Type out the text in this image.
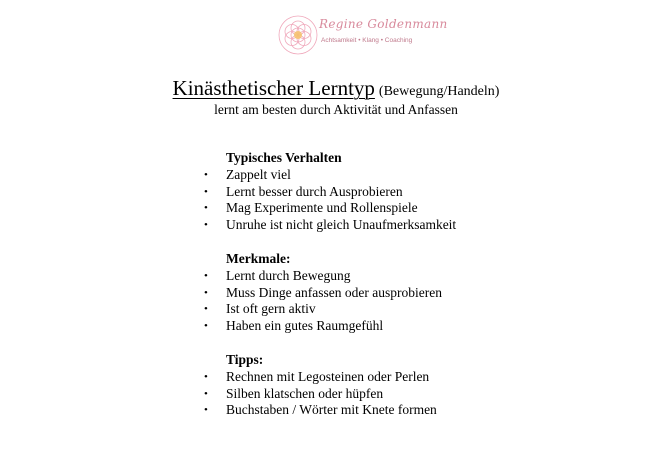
Regine Goldenmann
Achtsamkeit • Klang • Coaching
Kinästhetischer Lerntyp (Bewegung/Handeln)
lernt am besten durch Aktivität und Anfassen
Typisches Verhalten
• Zappelt viel
• Lernt besser durch Ausprobieren
• Mag Experimente und Rollenspiele
• Unruhe ist nicht gleich Unaufmerksamkeit
Merkmale:
• Lernt durch Bewegung
• Muss Dinge anfassen oder ausprobieren
• Ist oft gern aktiv
• Haben ein gutes Raumgefühl
Tipps:
• Rechnen mit Legosteinen oder Perlen
• Silben klatschen oder hüpfen
• Buchstaben / Wörter mit Knete formen
